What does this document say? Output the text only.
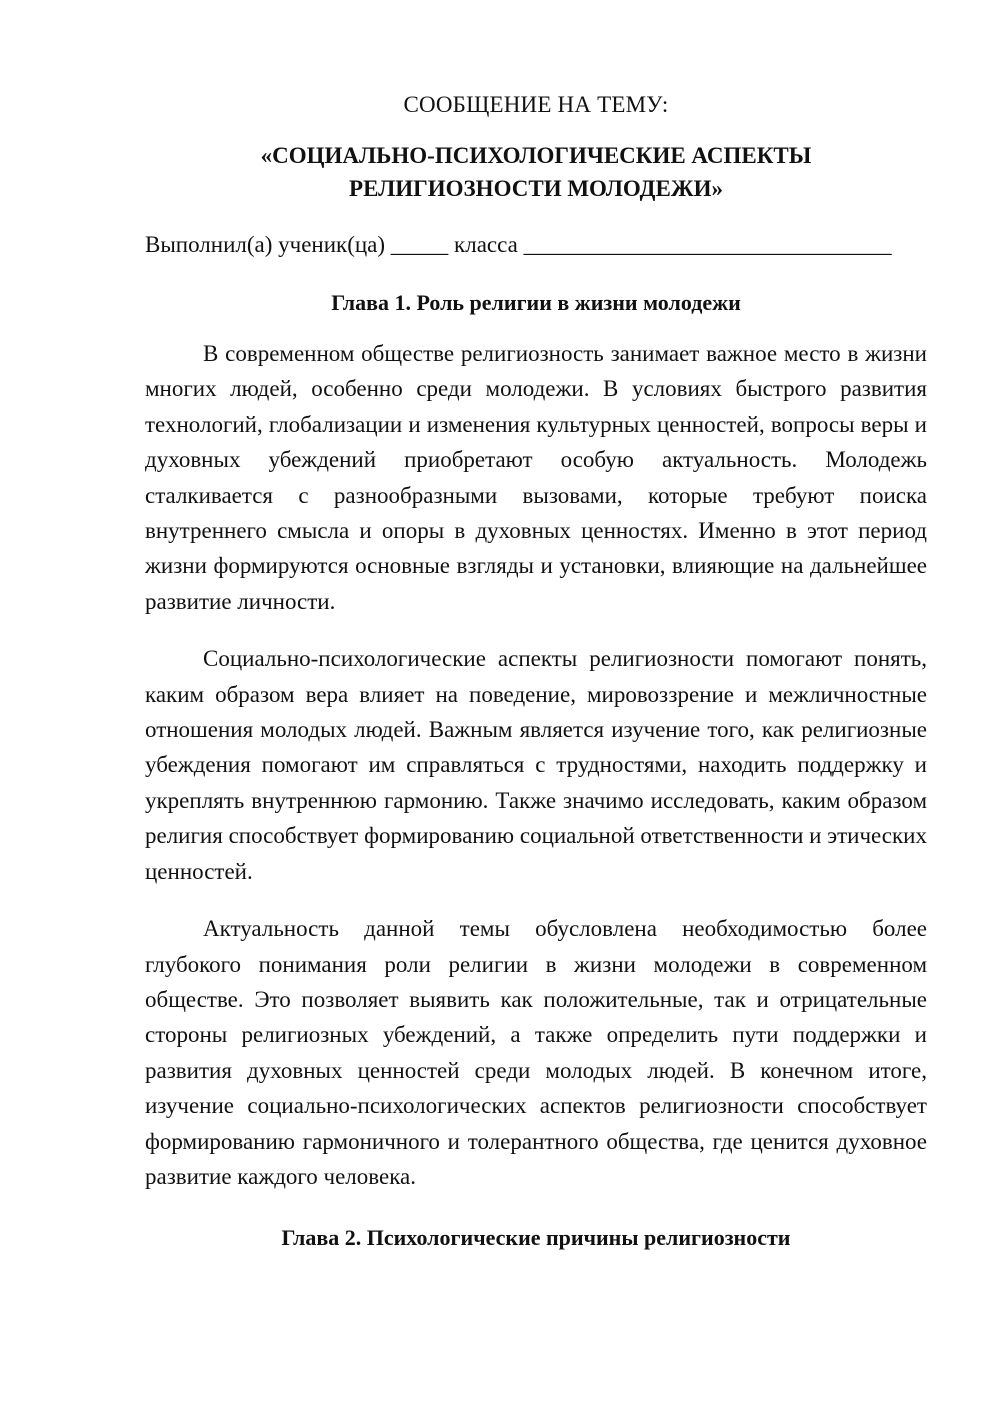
СООБЩЕНИЕ НА ТЕМУ:
«СОЦИАЛЬНО-ПСИХОЛОГИЧЕСКИЕ АСПЕКТЫ
РЕЛИГИОЗНОСТИ МОЛОДЕЖИ»
Выполнил(а) ученик(ца) _____ класса ________________________________
Глава 1. Роль религии в жизни молодежи

В современном обществе религиозность занимает важное место в жизни многих людей, особенно среди молодежи. В условиях быстрого развития технологий, глобализации и изменения культурных ценностей, вопросы веры и духовных убеждений приобретают особую актуальность. Молодежь сталкивается с разнообразными вызовами, которые требуют поиска внутреннего смысла и опоры в духовных ценностях. Именно в этот период жизни формируются основные взгляды и установки, влияющие на дальнейшее развитие личности.

Социально-психологические аспекты религиозности помогают понять, каким образом вера влияет на поведение, мировоззрение и межличностные отношения молодых людей. Важным является изучение того, как религиозные убеждения помогают им справляться с трудностями, находить поддержку и укреплять внутреннюю гармонию. Также значимо исследовать, каким образом религия способствует формированию социальной ответственности и этических ценностей.

Актуальность данной темы обусловлена необходимостью более глубокого понимания роли религии в жизни молодежи в современном обществе. Это позволяет выявить как положительные, так и отрицательные стороны религиозных убеждений, а также определить пути поддержки и развития духовных ценностей среди молодых людей. В конечном итоге, изучение социально-психологических аспектов религиозности способствует формированию гармоничного и толерантного общества, где ценится духовное развитие каждого человека.

Глава 2. Психологические причины религиозности
